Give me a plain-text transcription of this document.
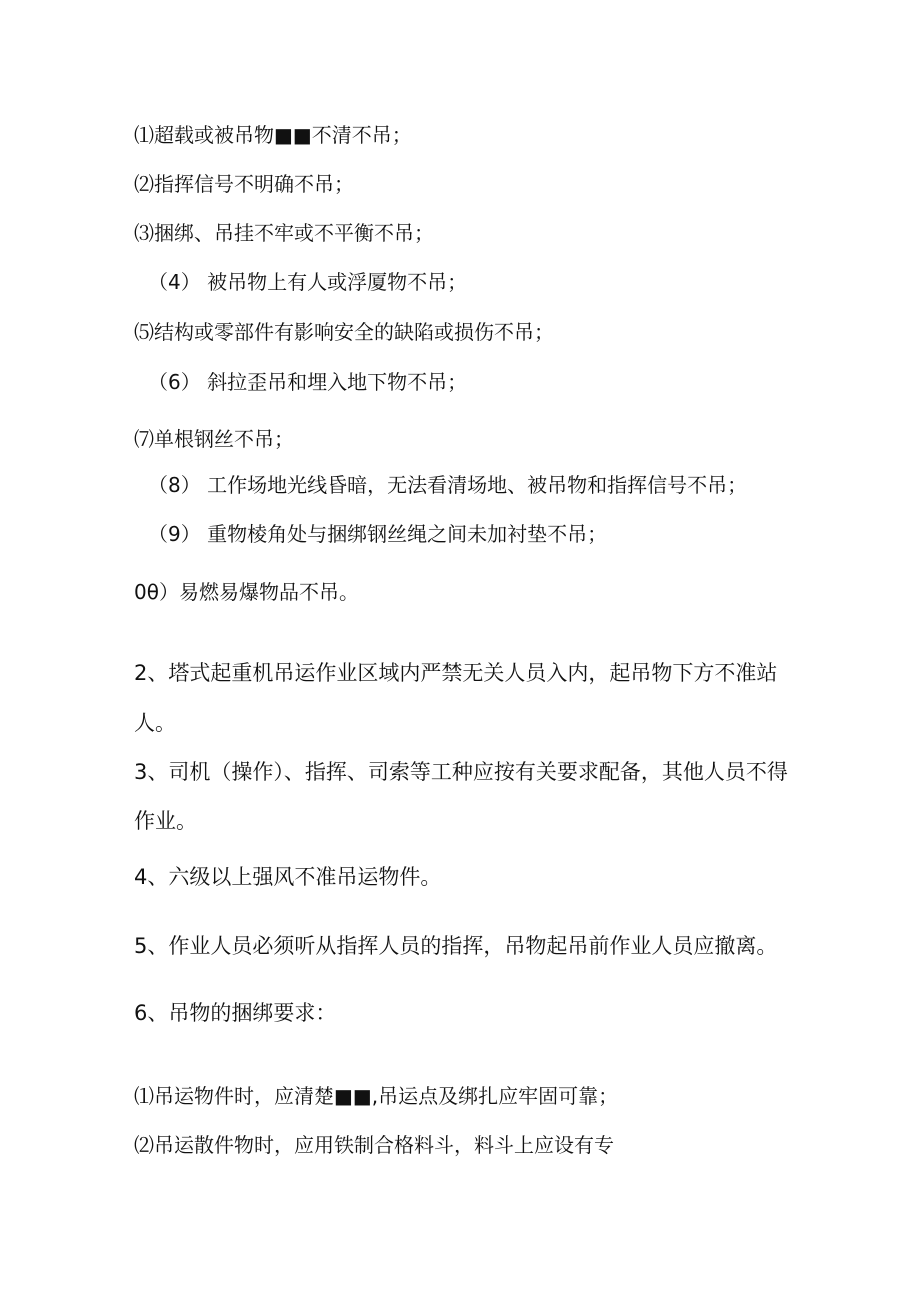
⑴超载或被吊物■■不清不吊；
⑵指挥信号不明确不吊；
⑶捆绑、吊挂不牢或不平衡不吊；
（4） 被吊物上有人或浮厦物不吊；
⑸结构或零部件有影响安全的缺陷或损伤不吊；
（6） 斜拉歪吊和埋入地下物不吊；
⑺单根钢丝不吊；
（8） 工作场地光线昏暗，无法看清场地、被吊物和指挥信号不吊；
（9） 重物棱角处与捆绑钢丝绳之间未加衬垫不吊；
0θ）易燃易爆物品不吊。
2、塔式起重机吊运作业区域内严禁无关人员入内，起吊物下方不准站
人。
3、司机（操作）、指挥、司索等工种应按有关要求配备，其他人员不得
作业。
4、六级以上强风不准吊运物件。
5、作业人员必须听从指挥人员的指挥，吊物起吊前作业人员应撤离。
6、吊物的捆绑要求：
⑴吊运物件时，应清楚■■,吊运点及绑扎应牢固可靠；
⑵吊运散件物时，应用铁制合格料斗，料斗上应设有专
